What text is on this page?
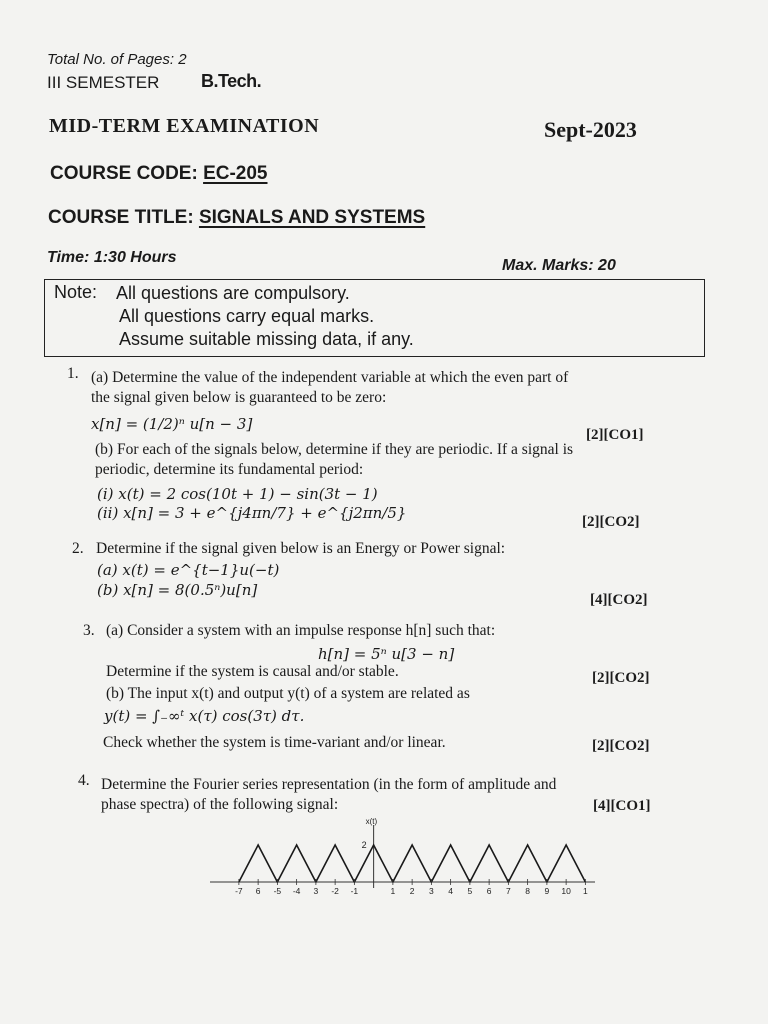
Total No. of Pages: 2
III SEMESTER B.Tech.
MID-TERM EXAMINATION	Sept-2023
COURSE CODE: EC-205
COURSE TITLE: SIGNALS AND SYSTEMS
Time: 1:30 Hours	Max. Marks: 20
Note: All questions are compulsory.
All questions carry equal marks.
Assume suitable missing data, if any.
1. (a) Determine the value of the independent variable at which the even part of
the signal given below is guaranteed to be zero:
x[n] = (1/2)ⁿ u[n − 3]
[2][CO1]
(b) For each of the signals below, determine if they are periodic. If a signal is
periodic, determine its fundamental period:
(i) x(t) = 2 cos(10t + 1) − sin(3t − 1)
(ii) x[n] = 3 + e^{j4πn/7} + e^{j2πn/5}	[2][CO2]
2. Determine if the signal given below is an Energy or Power signal:
(a) x(t) = e^{t−1}u(−t)
(b) x[n] = 8(0.5ⁿ)u[n]
[4][CO2]
3. (a) Consider a system with an impulse response h[n] such that:
h[n] = 5ⁿ u[3 − n]
Determine if the system is causal and/or stable.	[2][CO2]
(b) The input x(t) and output y(t) of a system are related as
y(t) = ∫₋∞ᵗ x(τ) cos(3τ) dτ.
Check whether the system is time-variant and/or linear.	[2][CO2]
4. Determine the Fourier series representation (in the form of amplitude and
phase spectra) of the following signal:	[4][CO1]
x(t)
2
-7 6 -5 -4 3 -2 -1	1 2 3 4 5 6 7 8 9 10 1
